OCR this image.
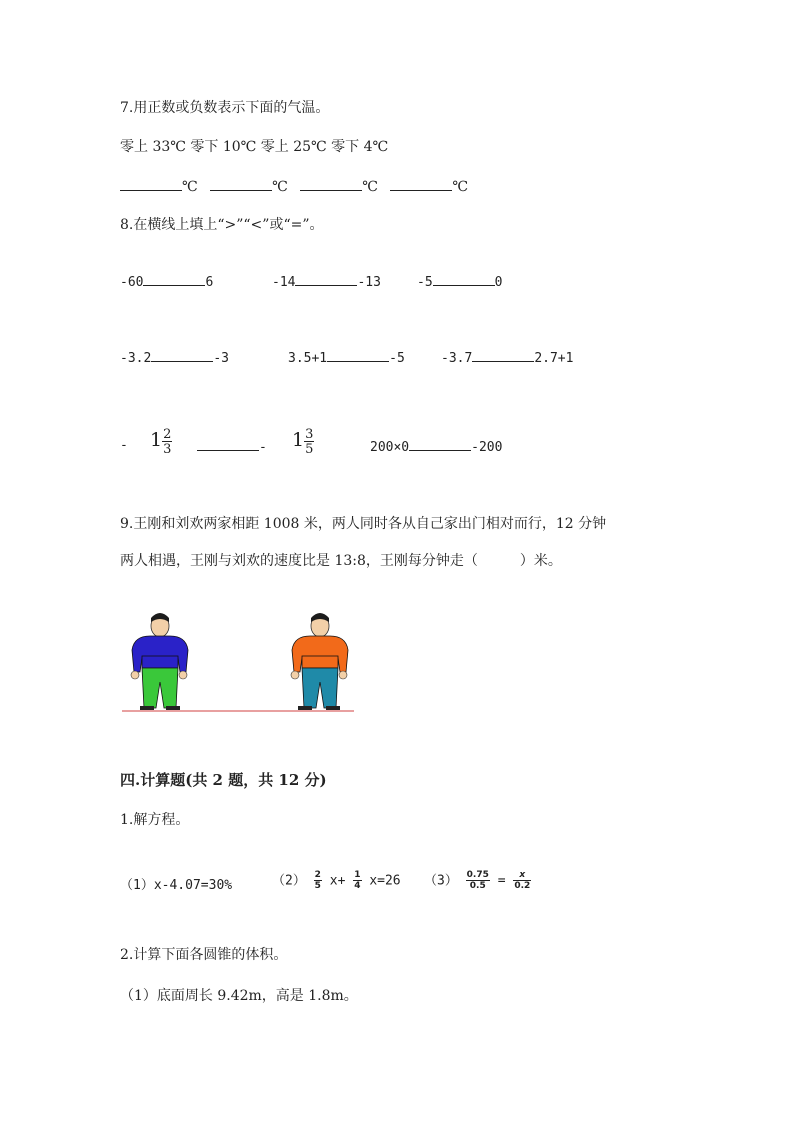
7.用正数或负数表示下面的气温。
零上 33℃ 零下 10℃ 零上 25℃ 零下 4℃
℃	℃	℃	℃
8.在横线上填上“>”“<”或“=”。
-60	6	-14	-13	-5	0
-3.2	-3	3.5+1	-5	-3.7	2.7+1
- $1 \frac{2}{3}$	- $1 \frac{3}{5}$	200×0	-200
9.王刚和刘欢两家相距 1008 米，两人同时各从自己家出门相对而行，12 分钟
两人相遇，王刚与刘欢的速度比是 13:8，王刚每分钟走（　　　）米。
四.计算题(共 2 题，共 12 分)
1.解方程。
（1）x-4.07=30%	$(2) \frac{2}{5} x+ \frac{1}{4} x=26$ $(3) \frac{0.75}{0.5} = \frac{x}{0.2}$
2.计算下面各圆锥的体积。
（1）底面周长 9.42m，高是 1.8m。
